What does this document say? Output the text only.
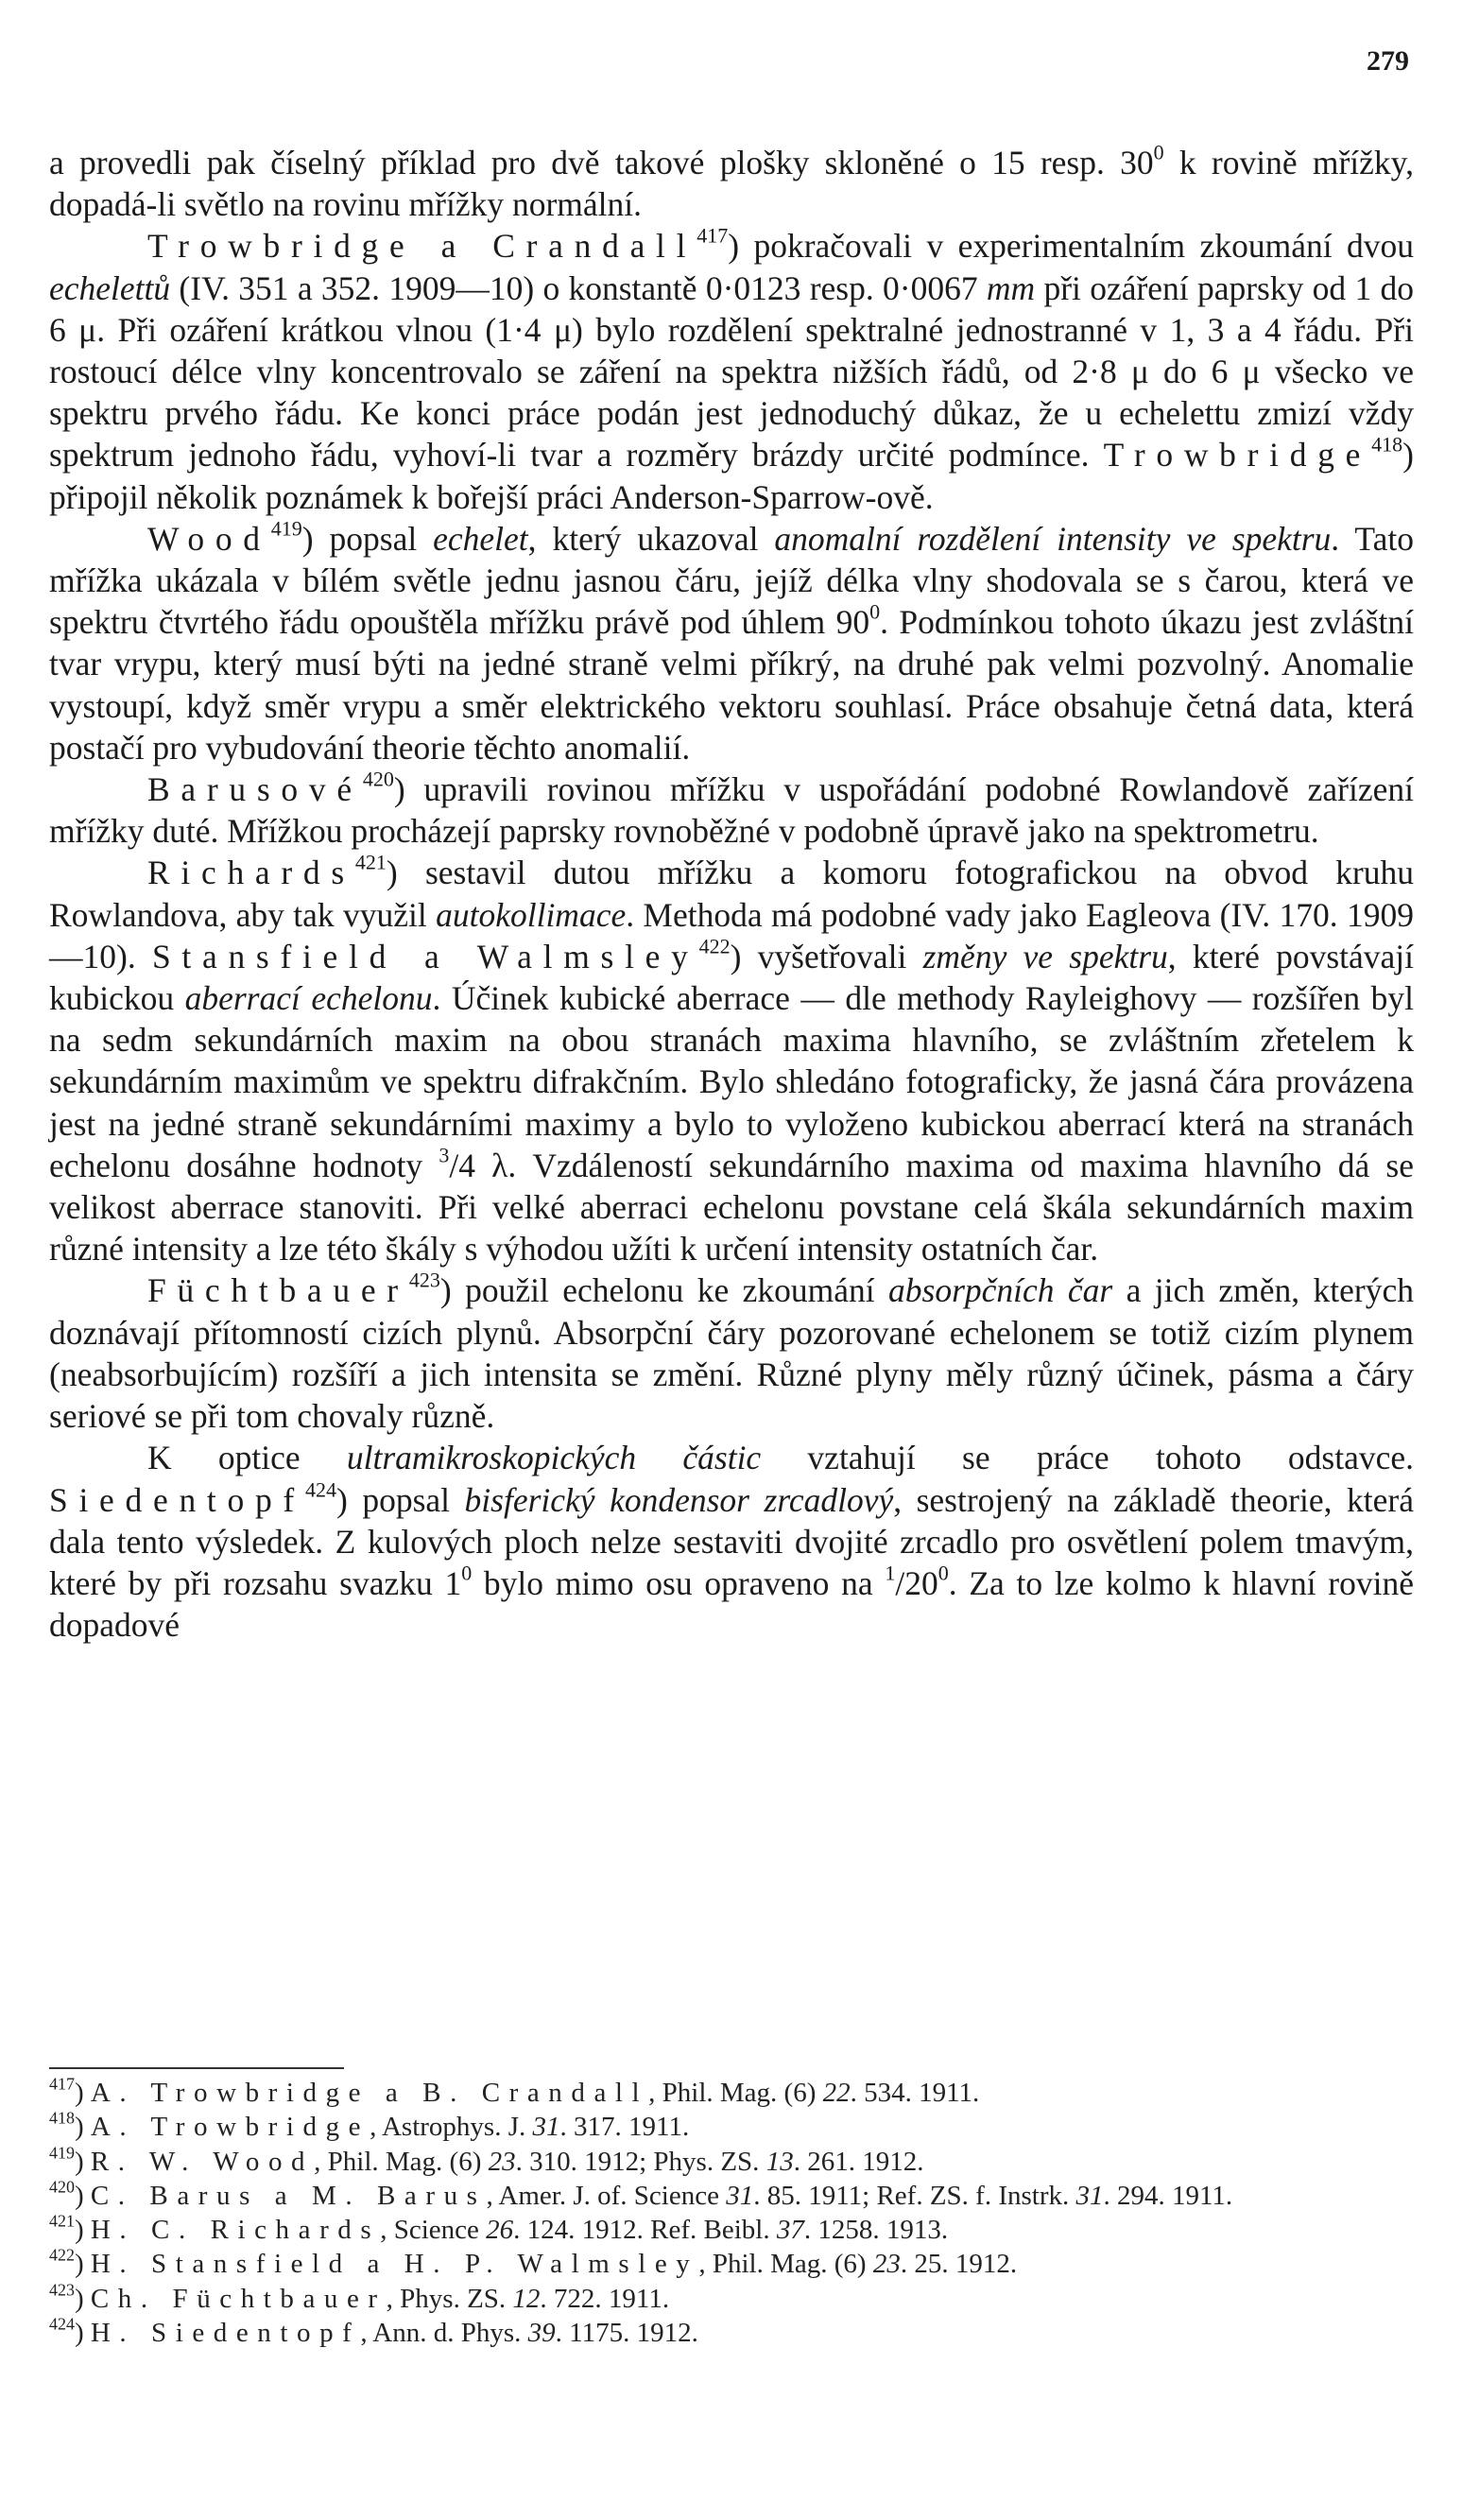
279

a provedli pak číselný příklad pro dvě takové plošky skloněné o 15 resp. $30^0$ k rovině mřížky, dopadá-li světlo na rovinu mřížky normální.

Trowbridge a Crandall$^{417}$) pokračovali v experimentalním zkoumání dvou echelettů (IV. 351 a 352. 1909—10) o konstantě 0·0123 resp. 0·0067 mm při ozáření paprsky od 1 do 6 μ. Při ozáření krátkou vlnou (1·4 μ) bylo rozdělení spektralné jednostranné v 1, 3 a 4 řádu. Při rostoucí délce vlny koncentrovalo se záření na spektra nižších řádů, od 2·8 μ do 6 μ všecko ve spektru prvého řádu. Ke konci práce podán jest jednoduchý důkaz, že u echelettu zmizí vždy spektrum jednoho řádu, vyhoví-li tvar a rozměry brázdy určité podmínce. Trowbridge$^{418}$) připojil několik poznámek k bořejší práci Anderson-Sparrow-ově.

Wood$^{419}$) popsal echelet, který ukazoval anomalní rozdělení intensity ve spektru. Tato mřížka ukázala v bílém světle jednu jasnou čáru, jejíž délka vlny shodovala se s čarou, která ve spektru čtvrtého řádu opouštěla mřížku právě pod úhlem $90^0$. Podmínkou tohoto úkazu jest zvláštní tvar vrypu, který musí býti na jedné straně velmi příkrý, na druhé pak velmi pozvolný. Anomalie vystoupí, když směr vrypu a směr elektrického vektoru souhlasí. Práce obsahuje četná data, která postačí pro vybudování theorie těchto anomalií.

Barusové$^{420}$) upravili rovinou mřížku v uspořádání podobné Rowlandově zařízení mřížky duté. Mřížkou procházejí paprsky rovnoběžné v podobně úpravě jako na spektrometru.

Richards$^{421}$) sestavil dutou mřížku a komoru fotografickou na obvod kruhu Rowlandova, aby tak využil autokollimace. Methoda má podobné vady jako Eagleova (IV. 170. 1909—10). Stansfield a Walmsley$^{422}$) vyšetřovali změny ve spektru, které povstávají kubickou aberrací echelonu. Účinek kubické aberrace — dle methody Rayleighovy — rozšířen byl na sedm sekundárních maxim na obou stranách maxima hlavního, se zvláštním zřetelem k sekundárním maximům ve spektru difrakčním. Bylo shledáno fotograficky, že jasná čára provázena jest na jedné straně sekundárními maximy a bylo to vyloženo kubickou aberrací která na stranách echelonu dosáhne hodnoty $^3$/4 λ. Vzdáleností sekundárního maxima od maxima hlavního dá se velikost aberrace stanoviti. Při velké aberraci echelonu povstane celá škála sekundárních maxim různé intensity a lze této škály s výhodou užíti k určení intensity ostatních čar.

Füchtbauer$^{423}$) použil echelonu ke zkoumání absorpčních čar a jich změn, kterých doznávají přítomností cizích plynů. Absorpční čáry pozorované echelonem se totiž cizím plynem (neabsorbujícím) rozšíří a jich intensita se změní. Různé plyny měly různý účinek, pásma a čáry seriové se při tom chovaly různě.

K optice ultramikroskopických částic vztahují se práce tohoto odstavce. Siedentopf$^{424}$) popsal bisferický kondensor zrcadlový, sestrojený na základě theorie, která dala tento výsledek. Z kulových ploch nelze sestaviti dvojité zrcadlo pro osvětlení polem tmavým, které by při rozsahu svazku $1^0$ bylo mimo osu opraveno na $^1/20^0$. Za to lze kolmo k hlavní rovině dopadové

$^{417}$) A. Trowbridge a B. Crandall, Phil. Mag. (6) 22. 534. 1911.

$^{418}$) A. Trowbridge, Astrophys. J. 31. 317. 1911.

$^{419}$) R. W. Wood, Phil. Mag. (6) 23. 310. 1912; Phys. ZS. 13. 261. 1912.

$^{420}$) C. Barus a M. Barus, Amer. J. of. Science 31. 85. 1911; Ref. ZS. f. Instrk. 31. 294. 1911.

$^{421}$) H. C. Richards, Science 26. 124. 1912. Ref. Beibl. 37. 1258. 1913.

$^{422}$) H. Stansfield a H. P. Walmsley, Phil. Mag. (6) 23. 25. 1912.

$^{423}$) Ch. Füchtbauer, Phys. ZS. 12. 722. 1911.

$^{424}$) H. Siedentopf, Ann. d. Phys. 39. 1175. 1912.
